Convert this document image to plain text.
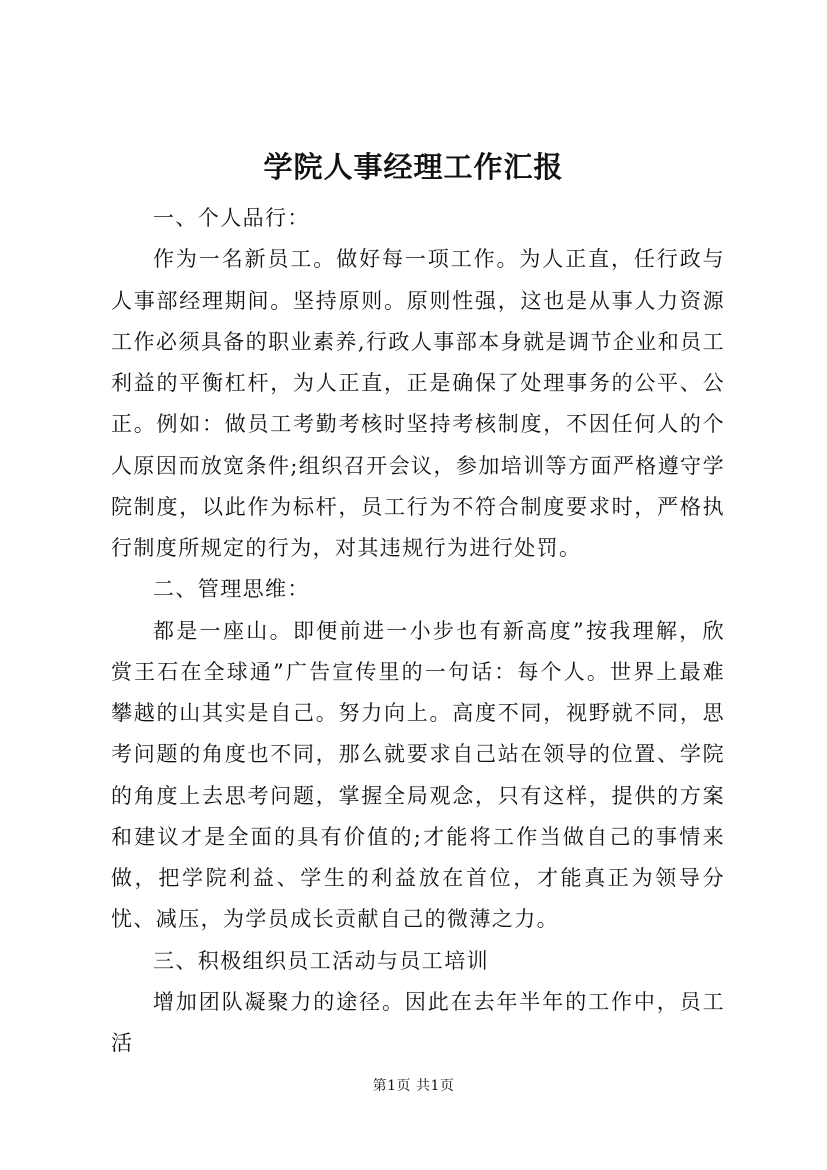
学院人事经理工作汇报

一、个人品行：

作为一名新员工。做好每一项工作。为人正直，任行政与人事部经理期间。坚持原则。原则性强，这也是从事人力资源工作必须具备的职业素养,行政人事部本身就是调节企业和员工利益的平衡杠杆，为人正直，正是确保了处理事务的公平、公正。例如：做员工考勤考核时坚持考核制度，不因任何人的个人原因而放宽条件;组织召开会议，参加培训等方面严格遵守学院制度，以此作为标杆，员工行为不符合制度要求时，严格执行制度所规定的行为，对其违规行为进行处罚。

二、管理思维：

都是一座山。即便前进一小步也有新高度”按我理解，欣赏王石在全球通”广告宣传里的一句话：每个人。世界上最难攀越的山其实是自己。努力向上。高度不同，视野就不同，思考问题的角度也不同，那么就要求自己站在领导的位置、学院的角度上去思考问题，掌握全局观念，只有这样，提供的方案和建议才是全面的具有价值的;才能将工作当做自己的事情来做，把学院利益、学生的利益放在首位，才能真正为领导分忧、减压，为学员成长贡献自己的微薄之力。

三、积极组织员工活动与员工培训

增加团队凝聚力的途径。因此在去年半年的工作中，员工活

第1页 共1页
